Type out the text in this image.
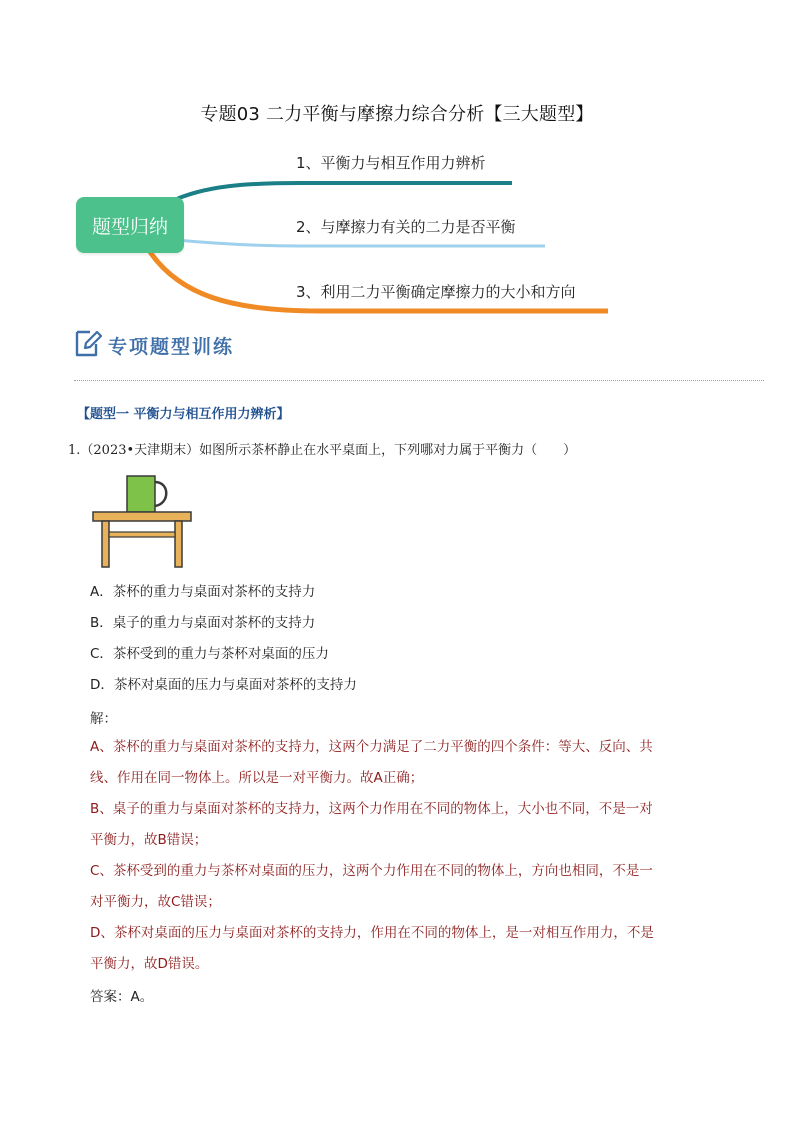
专题03 二力平衡与摩擦力综合分析【三大题型】
题型归纳
1、平衡力与相互作用力辨析
2、与摩擦力有关的二力是否平衡
3、利用二力平衡确定摩擦力的大小和方向
专项题型训练
【题型一 平衡力与相互作用力辨析】
1.（2023•天津期末）如图所示茶杯静止在水平桌面上，下列哪对力属于平衡力（　　）
A．茶杯的重力与桌面对茶杯的支持力
B．桌子的重力与桌面对茶杯的支持力
C．茶杯受到的重力与茶杯对桌面的压力
D．茶杯对桌面的压力与桌面对茶杯的支持力
解：
A、茶杯的重力与桌面对茶杯的支持力，这两个力满足了二力平衡的四个条件：等大、反向、共
线、作用在同一物体上。所以是一对平衡力。故A正确；
B、桌子的重力与桌面对茶杯的支持力，这两个力作用在不同的物体上，大小也不同，不是一对
平衡力，故B错误；
C、茶杯受到的重力与茶杯对桌面的压力，这两个力作用在不同的物体上，方向也相同，不是一
对平衡力，故C错误；
D、茶杯对桌面的压力与桌面对茶杯的支持力，作用在不同的物体上，是一对相互作用力，不是
平衡力，故D错误。
答案：A。
